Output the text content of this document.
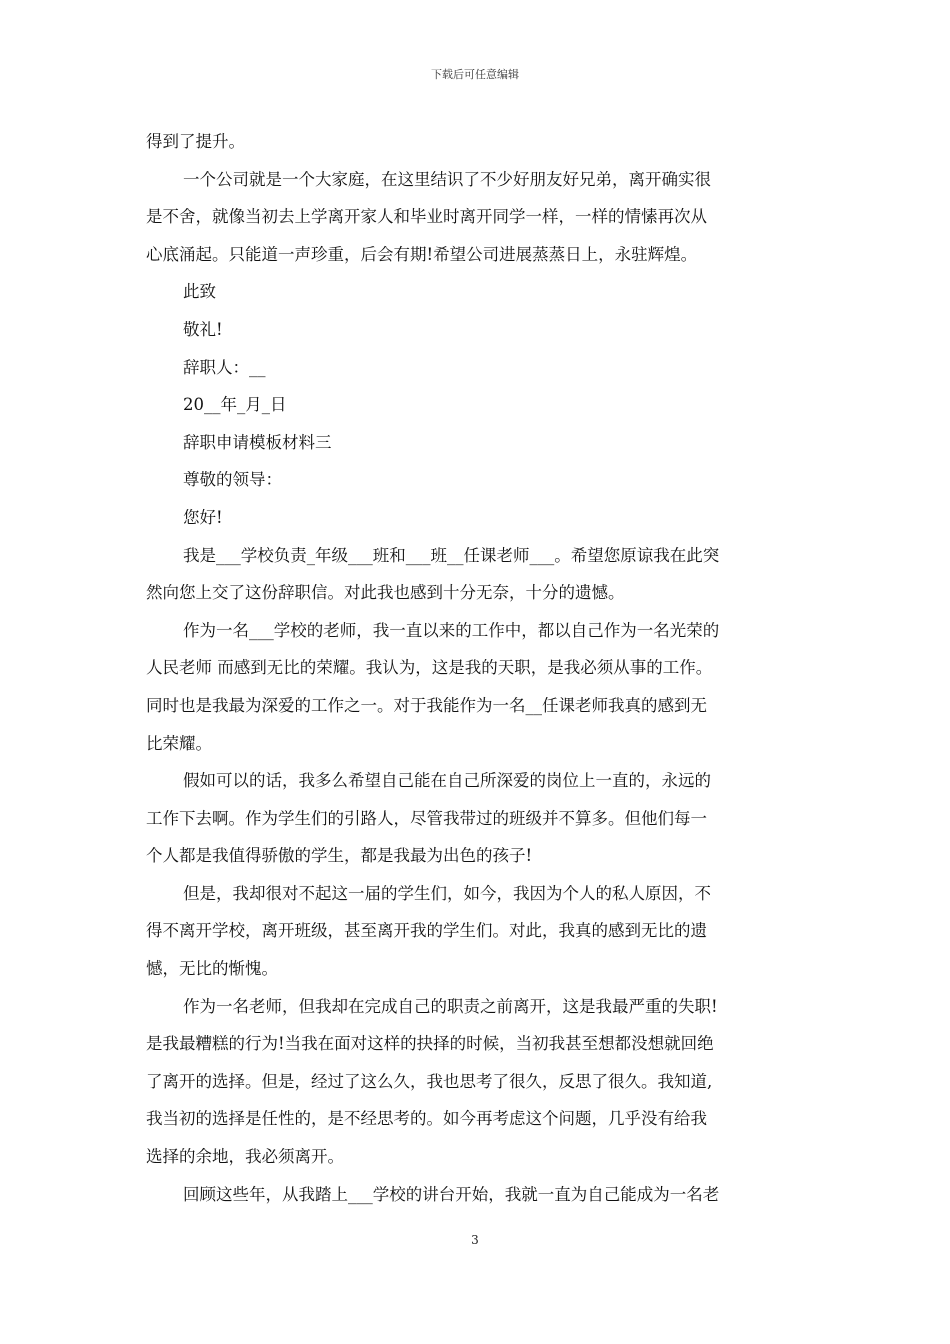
下载后可任意编辑
得到了提升。
一个公司就是一个大家庭，在这里结识了不少好朋友好兄弟，离开确实很
是不舍，就像当初去上学离开家人和毕业时离开同学一样，一样的情愫再次从
心底涌起。只能道一声珍重，后会有期!希望公司进展蒸蒸日上，永驻辉煌。
此致
敬礼!
辞职人：__
20__年_月_日
辞职申请模板材料三
尊敬的领导：
您好!
我是___学校负责_年级___班和___班__任课老师___。希望您原谅我在此突
然向您上交了这份辞职信。对此我也感到十分无奈，十分的遗憾。
作为一名___学校的老师，我一直以来的工作中，都以自己作为一名光荣的
人民老师 而感到无比的荣耀。我认为，这是我的天职，是我必须从事的工作。
同时也是我最为深爱的工作之一。对于我能作为一名__任课老师我真的感到无
比荣耀。
假如可以的话，我多么希望自己能在自己所深爱的岗位上一直的，永远的
工作下去啊。作为学生们的引路人，尽管我带过的班级并不算多。但他们每一
个人都是我值得骄傲的学生，都是我最为出色的孩子!
但是，我却很对不起这一届的学生们，如今，我因为个人的私人原因，不
得不离开学校，离开班级，甚至离开我的学生们。对此，我真的感到无比的遗
憾，无比的惭愧。
作为一名老师，但我却在完成自己的职责之前离开，这是我最严重的失职!
是我最糟糕的行为!当我在面对这样的抉择的时候，当初我甚至想都没想就回绝
了离开的选择。但是，经过了这么久，我也思考了很久，反思了很久。我知道,
我当初的选择是任性的，是不经思考的。如今再考虑这个问题，几乎没有给我
选择的余地，我必须离开。
回顾这些年，从我踏上___学校的讲台开始，我就一直为自己能成为一名老
3
